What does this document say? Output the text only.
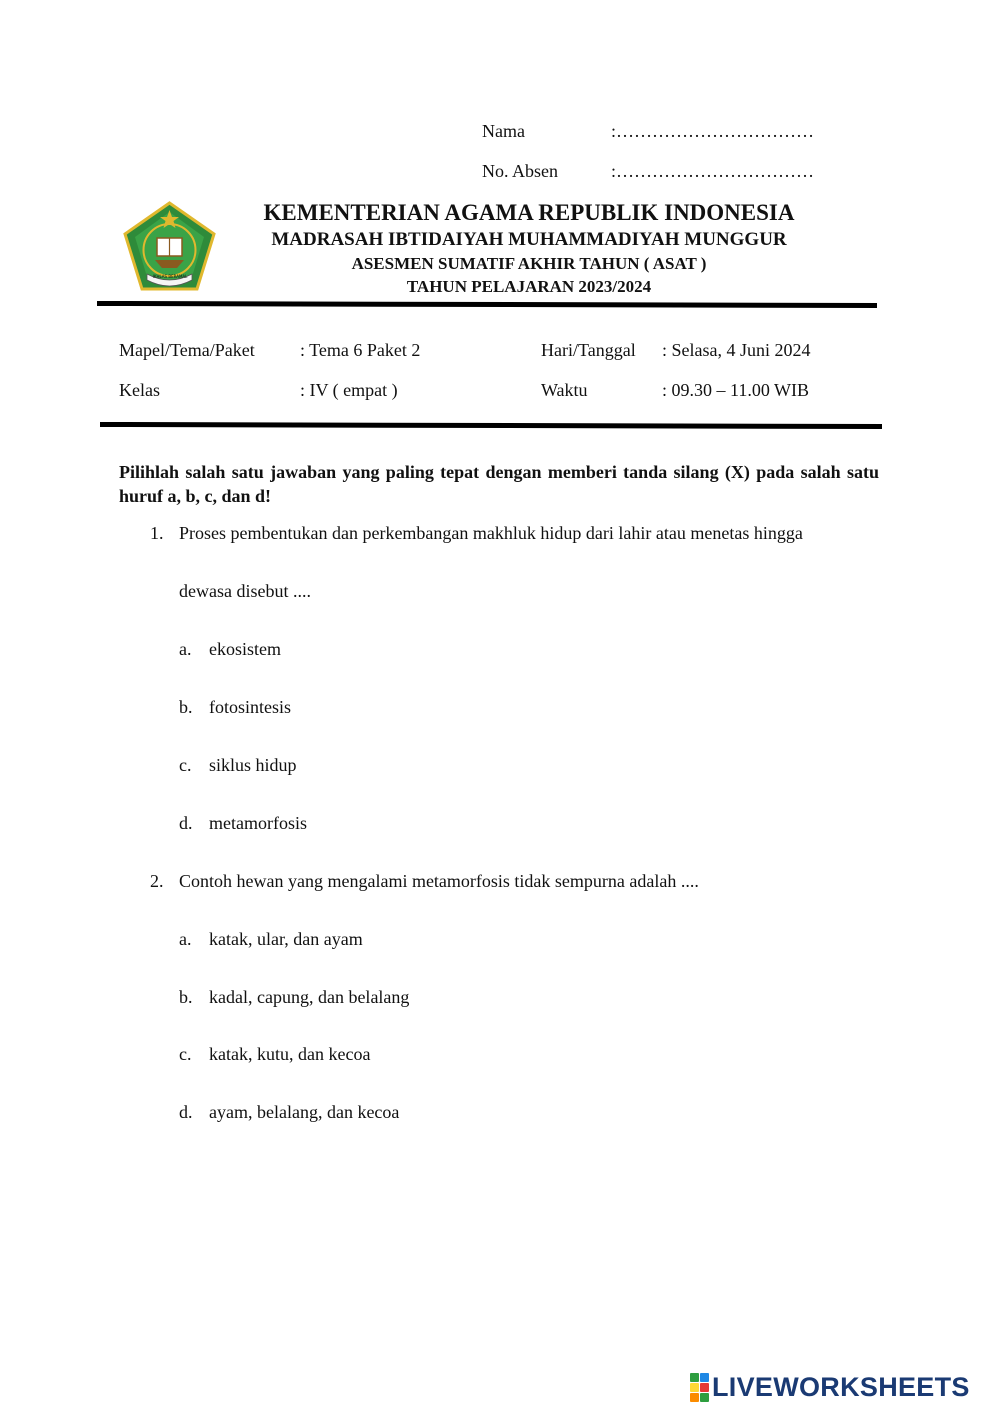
Nama	:……………………………
No. Absen	:……………………………
IKHLAS BERAMAL
KEMENTERIAN AGAMA REPUBLIK INDONESIA
MADRASAH IBTIDAIYAH MUHAMMADIYAH MUNGGUR
ASESMEN SUMATIF AKHIR TAHUN ( ASAT )
TAHUN PELAJARAN 2023/2024
Mapel/Tema/Paket	: Tema 6 Paket 2	Hari/Tanggal : Selasa, 4 Juni 2024
Kelas	: IV ( empat )	Waktu	: 09.30 – 11.00 WIB
Pilihlah salah satu jawaban yang paling tepat dengan memberi tanda silang (X) pada salah satu huruf a, b, c, dan d!
1. Proses pembentukan dan perkembangan makhluk hidup dari lahir atau menetas hingga
dewasa disebut ....
a. ekosistem
b. fotosintesis
c. siklus hidup
d. metamorfosis
2. Contoh hewan yang mengalami metamorfosis tidak sempurna adalah ....
a. katak, ular, dan ayam
b. kadal, capung, dan belalang
c. katak, kutu, dan kecoa
d. ayam, belalang, dan kecoa
LIVEWORKSHEETS
